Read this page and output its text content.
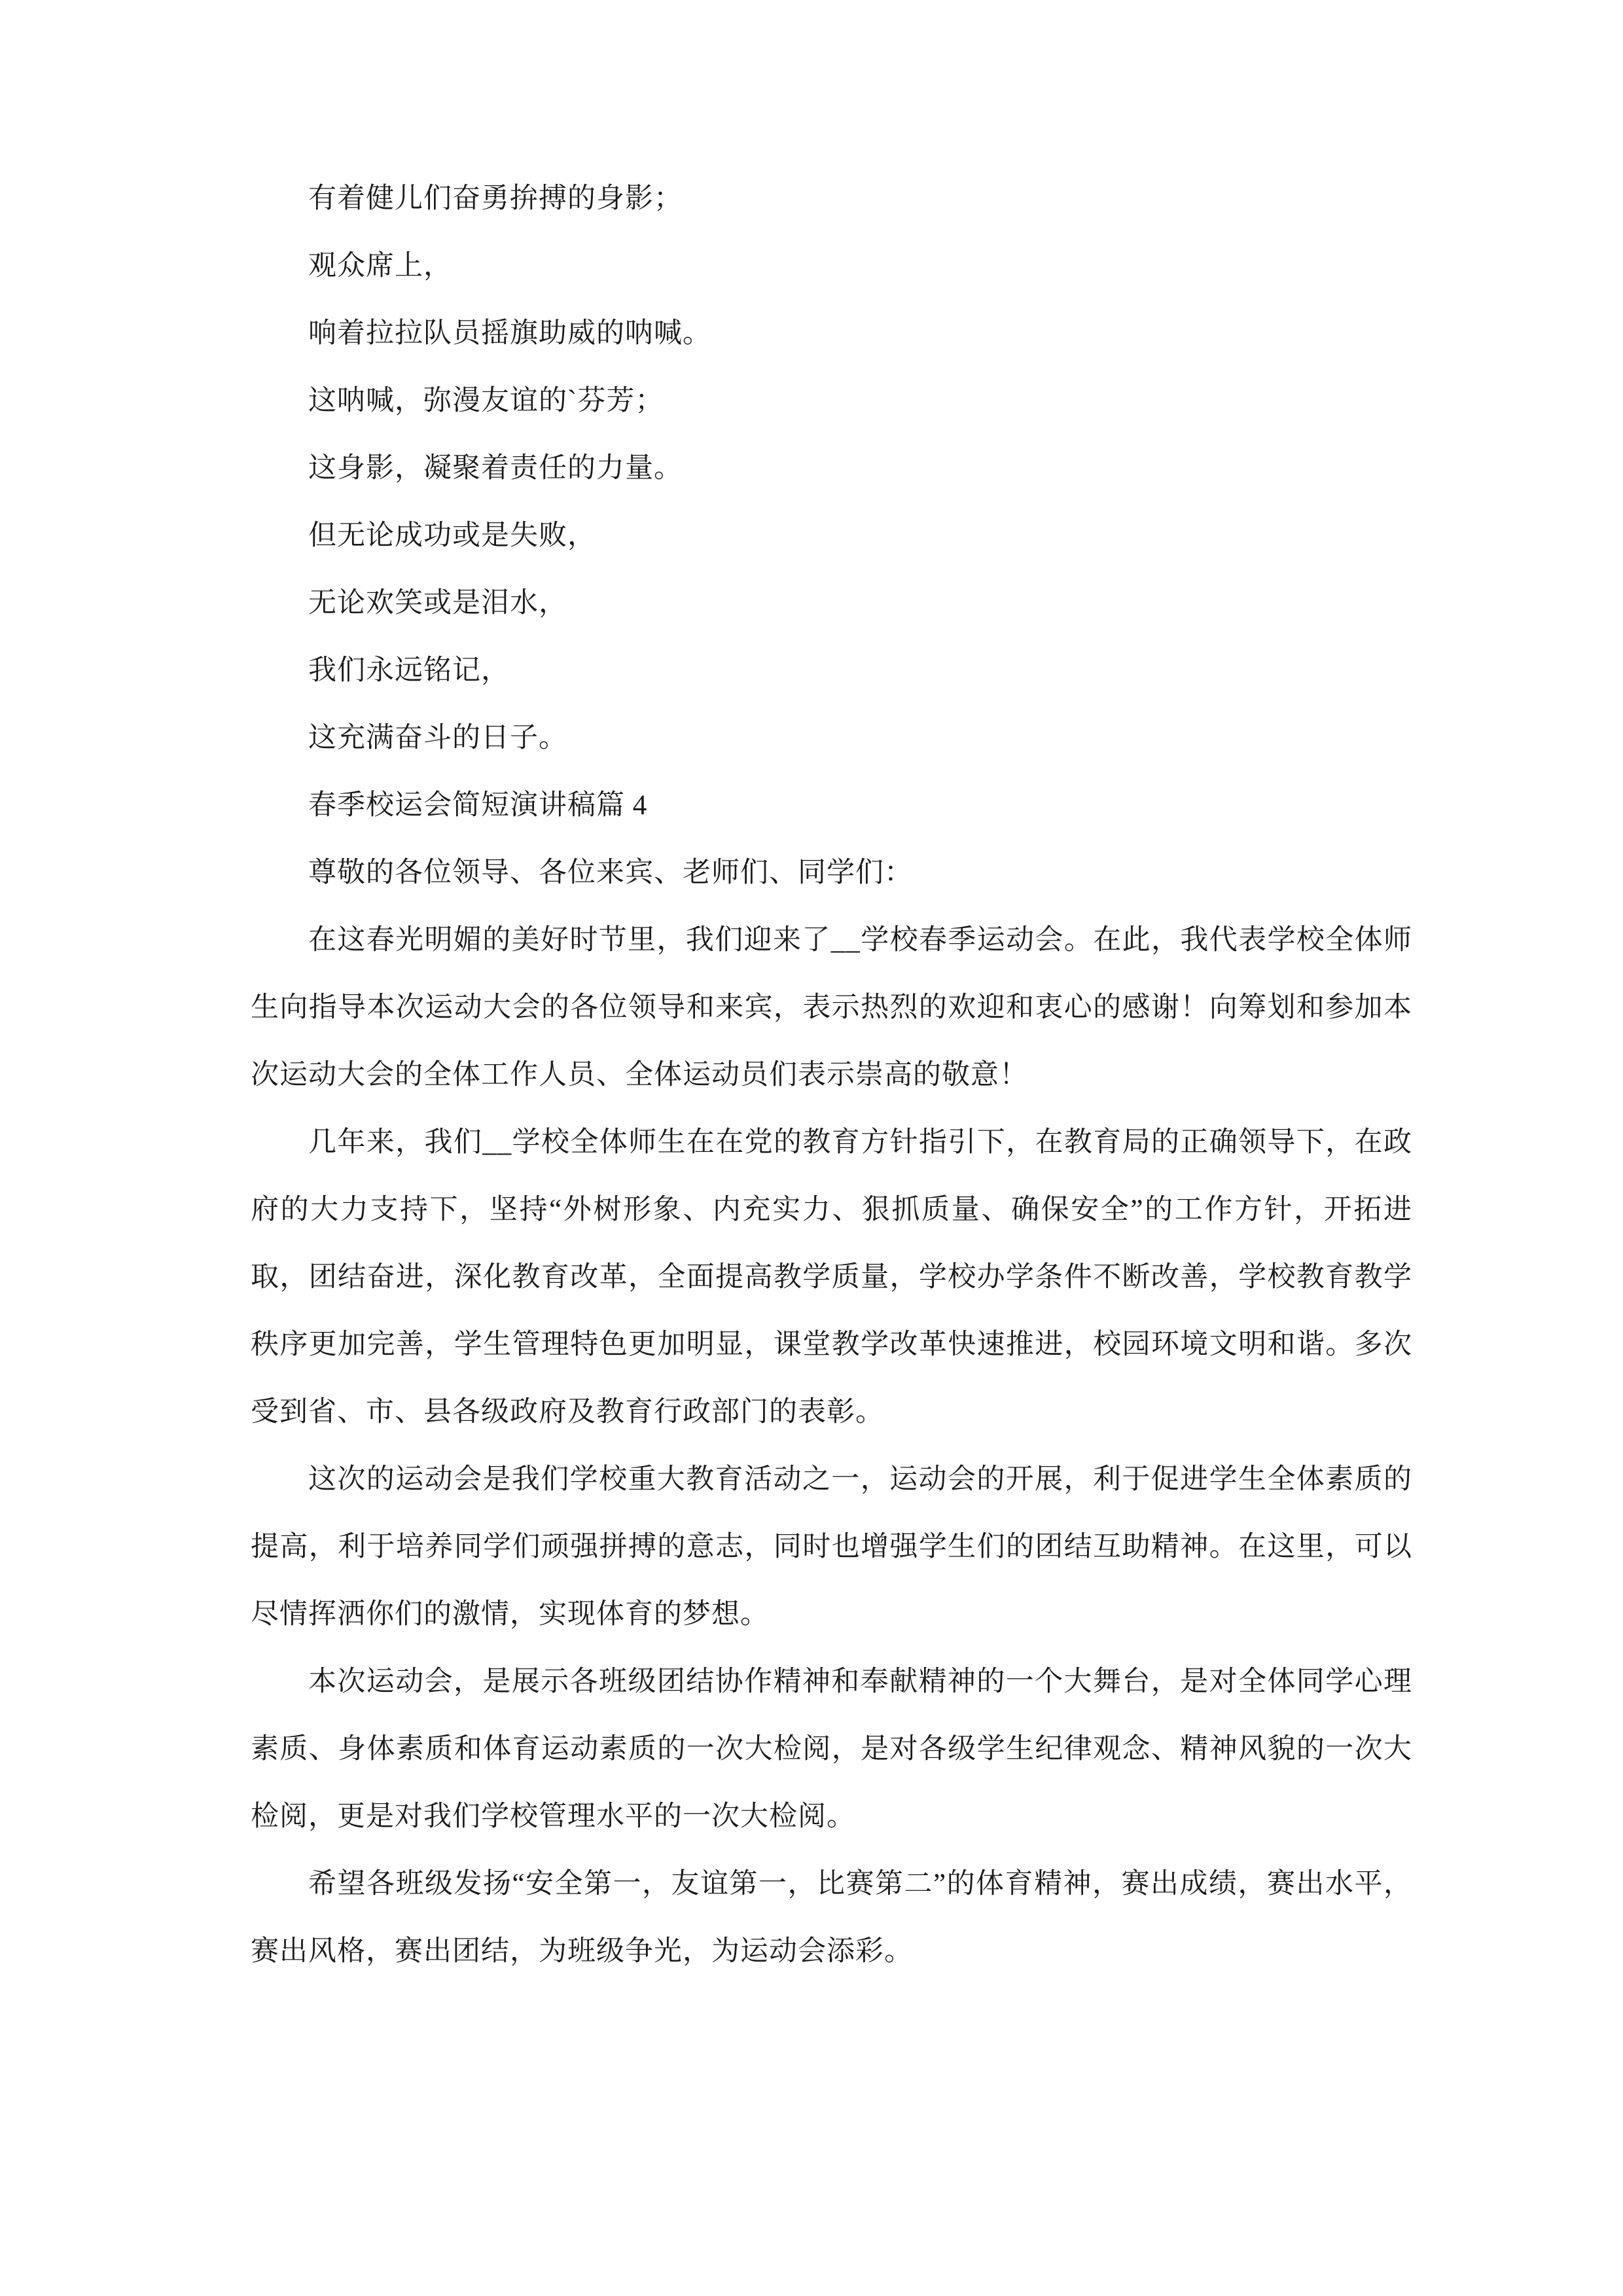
有着健儿们奋勇拚搏的身影；
观众席上，
响着拉拉队员摇旗助威的呐喊。
这呐喊，弥漫友谊的`芬芳；
这身影，凝聚着责任的力量。
但无论成功或是失败，
无论欢笑或是泪水，
我们永远铭记，
这充满奋斗的日子。
春季校运会简短演讲稿篇 4
尊敬的各位领导、各位来宾、老师们、同学们：
在这春光明媚的美好时节里，我们迎来了__学校春季运动会。在此，我代表学校全体师生向指导本次运动大会的各位领导和来宾，表示热烈的欢迎和衷心的感谢！向筹划和参加本次运动大会的全体工作人员、全体运动员们表示崇高的敬意！
几年来，我们__学校全体师生在在党的教育方针指引下，在教育局的正确领导下，在政府的大力支持下，坚持“外树形象、内充实力、狠抓质量、确保安全”的工作方针，开拓进取，团结奋进，深化教育改革，全面提高教学质量，学校办学条件不断改善，学校教育教学秩序更加完善，学生管理特色更加明显，课堂教学改革快速推进，校园环境文明和谐。多次受到省、市、县各级政府及教育行政部门的表彰。
这次的运动会是我们学校重大教育活动之一，运动会的开展，利于促进学生全体素质的提高，利于培养同学们顽强拼搏的意志，同时也增强学生们的团结互助精神。在这里，可以尽情挥洒你们的激情，实现体育的梦想。
本次运动会，是展示各班级团结协作精神和奉献精神的一个大舞台，是对全体同学心理素质、身体素质和体育运动素质的一次大检阅，是对各级学生纪律观念、精神风貌的一次大检阅，更是对我们学校管理水平的一次大检阅。
希望各班级发扬“安全第一，友谊第一，比赛第二”的体育精神，赛出成绩，赛出水平，赛出风格，赛出团结，为班级争光，为运动会添彩。
